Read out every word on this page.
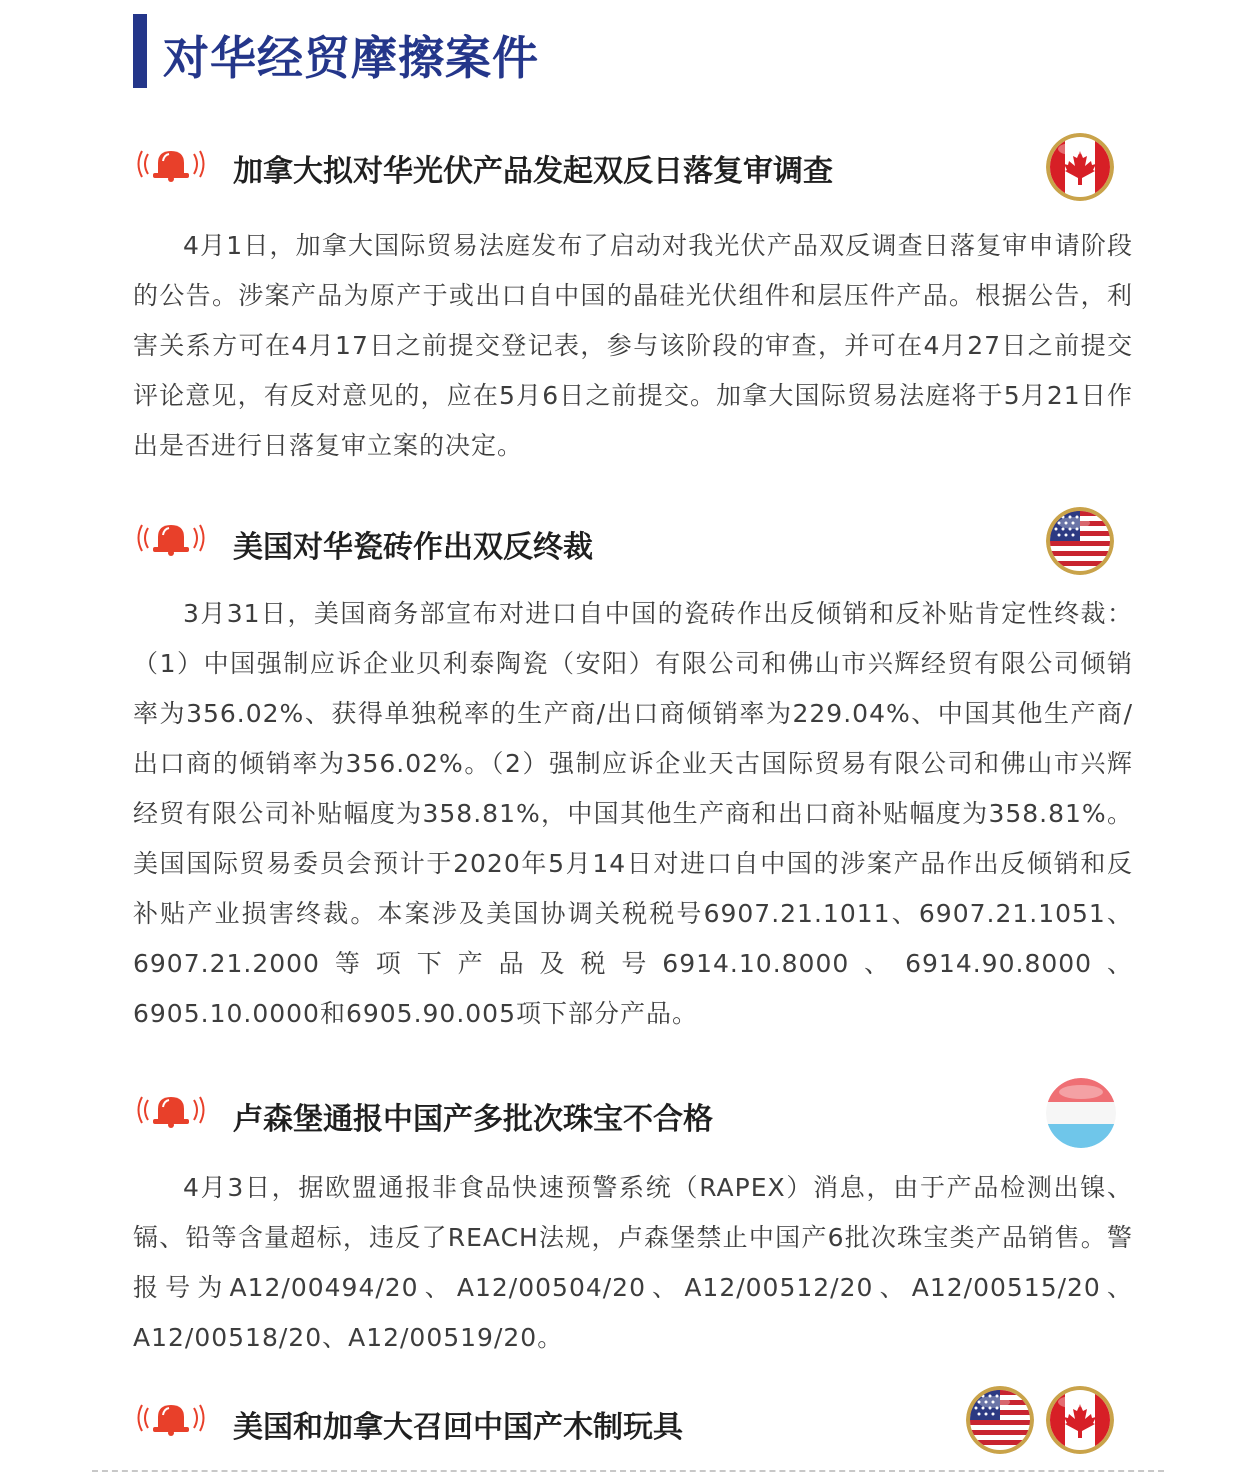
对华经贸摩擦案件
加拿大拟对华光伏产品发起双反日落复审调查

4月1日，加拿大国际贸易法庭发布了启动对我光伏产品双反调查日落复审申请阶段的公告。涉案产品为原产于或出口自中国的晶硅光伏组件和层压件产品。根据公告，利害关系方可在4月17日之前提交登记表，参与该阶段的审查，并可在4月27日之前提交评论意见，有反对意见的，应在5月6日之前提交。加拿大国际贸易法庭将于5月21日作出是否进行日落复审立案的决定。

美国对华瓷砖作出双反终裁

3月31日，美国商务部宣布对进口自中国的瓷砖作出反倾销和反补贴肯定性终裁：（1）中国强制应诉企业贝利泰陶瓷（安阳）有限公司和佛山市兴辉经贸有限公司倾销率为356.02%、获得单独税率的生产商/出口商倾销率为229.04%、中国其他生产商/出口商的倾销率为356.02%。（2）强制应诉企业天古国际贸易有限公司和佛山市兴辉经贸有限公司补贴幅度为358.81%，中国其他生产商和出口商补贴幅度为358.81%。美国国际贸易委员会预计于2020年5月14日对进口自中国的涉案产品作出反倾销和反补贴产业损害终裁。本案涉及美国协调关税税号6907.21.1011、6907.21.1051、6907.21.2000等项下产品及税号6914.10.8000、6914.90.8000、6905.10.0000和6905.90.005项下部分产品。

卢森堡通报中国产多批次珠宝不合格

4月3日，据欧盟通报非食品快速预警系统（RAPEX）消息，由于产品检测出镍、镉、铅等含量超标，违反了REACH法规，卢森堡禁止中国产6批次珠宝类产品销售。警报号为A12/00494/20、A12/00504/20、A12/00512/20、A12/00515/20、A12/00518/20、A12/00519/20。

美国和加拿大召回中国产木制玩具
